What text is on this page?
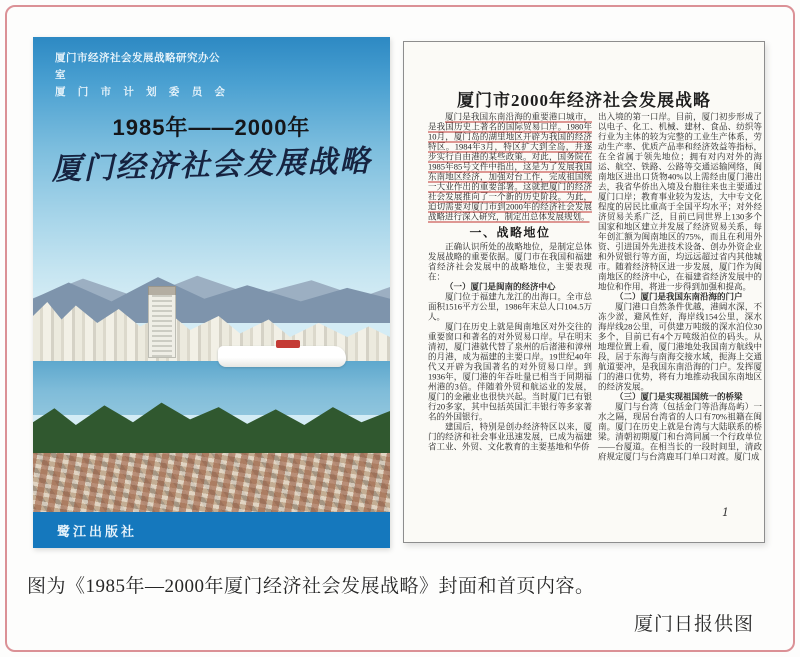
厦门市经济社会发展战略研究办公室
厦 门 市 计 划 委 员 会
1985年——2000年
厦门经济社会发展战略
鹭江出版社
厦门市2000年经济社会发展战略

厦门是我国东南沿海的重要港口城市，是我国历史上著名的国际贸易口岸。1980年10月，厦门岛的湖里地区开辟为我国的经济特区。1984年3月，特区扩大到全岛，并逐步实行自由港的某些政策。对此，国务院在1985年85号文件中指出，这是为了发展我国东南地区经济，加强对台工作，完成祖国统一大业作出的重要部署。这就把厦门的经济社会发展推向了一个新的历史阶段。为此，迫切需要对厦门市到2000年的经济社会发展战略进行深入研究，制定出总体发展规划。

一、战略地位

正确认识所处的战略地位，是制定总体发展战略的重要依据。厦门市在我国和福建省经济社会发展中的战略地位，主要表现在：

（一）厦门是闽南的经济中心

厦门位于福建九龙江的出海口。全市总面积1516平方公里，1986年末总人口104.5万人。

厦门在历史上就是闽南地区对外交往的重要窗口和著名的对外贸易口岸。早在明末清初，厦门港就代替了泉州的后渚港和漳州的月港，成为福建的主要口岸。19世纪40年代又开辟为我国著名的对外贸易口岸。到1936年，厦门港的年吞吐量已相当于同期福州港的3倍。伴随着外贸和航运业的发展，厦门的金融业也很快兴起。当时厦门已有银行20多家，其中包括英国汇丰银行等多家著名的外国银行。

建国后，特别是创办经济特区以来，厦门的经济和社会事业迅速发展，已成为福建省工业、外贸、文化教育的主要基地和华侨

出入境的第一口岸。目前，厦门初步形成了以电子、化工、机械、建材、食品、纺织等行业为主体的较为完整的工业生产体系，劳动生产率、优质产品率和经济效益等指标，在全省属于领先地位；拥有对内对外的海运、航空、铁路、公路等交通运输网络，闽南地区进出口货物40%以上需经由厦门港出去，我省华侨出入境及台胞往来也主要通过厦门口岸；教育事业较为发达，大中专文化程度的居民比重高于全国平均水平；对外经济贸易关系广泛，目前已同世界上130多个国家和地区建立并发展了经济贸易关系，每年创汇额为闽南地区的75%，而且在利用外资、引进国外先进技术设备、创办外资企业和外贸银行等方面，均远远超过省内其他城市。随着经济特区进一步发展，厦门作为闽南地区的经济中心，在福建省经济发展中的地位和作用，将进一步得到加强和提高。

（二）厦门是我国东南沿海的门户

厦门港口自然条件优越，港阔水深，不冻少淤，避风性好，海岸线154公里，深水海岸线28公里，可供建万吨级的深水泊位30多个，目前已有4个万吨级泊位的码头。从地理位置上看，厦门港地处我国南方航线中段，居于东海与南海交接水域，扼海上交通航道要冲，是我国东南沿海的门户。发挥厦门的港口优势，将有力地推动我国东南地区的经济发展。

（三）厦门是实现祖国统一的桥梁

厦门与台湾（包括金门等沿海岛屿）一水之隔，现居台湾省的人口有70%祖籍在闽南。厦门在历史上就是台湾与大陆联系的桥梁。清朝初期厦门和台湾同属一个行政单位——台厦道。在相当长的一段时间里，清政府规定厦门与台湾鹿耳门单口对渡。厦门成

1
图为《1985年—2000年厦门经济社会发展战略》封面和首页内容。
厦门日报供图
